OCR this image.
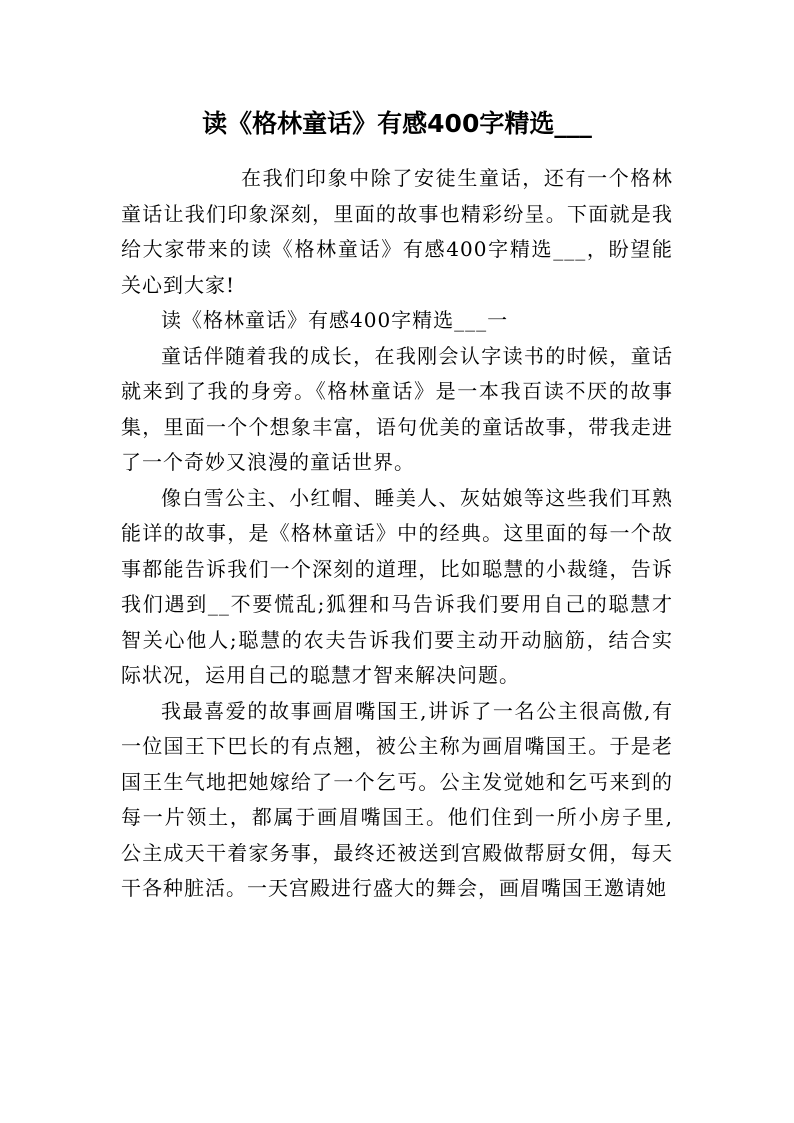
读《格林童话》有感400字精选___

在我们印象中除了安徒生童话，还有一个格林童话让我们印象深刻，里面的故事也精彩纷呈。下面就是我给大家带来的读《格林童话》有感400字精选___，盼望能关心到大家!

读《格林童话》有感400字精选___一

童话伴随着我的成长，在我刚会认字读书的时候，童话就来到了我的身旁。《格林童话》是一本我百读不厌的故事集，里面一个个想象丰富，语句优美的童话故事，带我走进了一个奇妙又浪漫的童话世界。

像白雪公主、小红帽、睡美人、灰姑娘等这些我们耳熟能详的故事，是《格林童话》中的经典。这里面的每一个故事都能告诉我们一个深刻的道理，比如聪慧的小裁缝，告诉我们遇到__不要慌乱;狐狸和马告诉我们要用自己的聪慧才智关心他人;聪慧的农夫告诉我们要主动开动脑筋，结合实际状况，运用自己的聪慧才智来解决问题。

我最喜爱的故事画眉嘴国王,讲诉了一名公主很高傲,有一位国王下巴长的有点翘，被公主称为画眉嘴国王。于是老国王生气地把她嫁给了一个乞丐。公主发觉她和乞丐来到的每一片领土，都属于画眉嘴国王。他们住到一所小房子里,公主成天干着家务事，最终还被送到宫殿做帮厨女佣，每天干各种脏活。一天宫殿进行盛大的舞会，画眉嘴国王邀请她
